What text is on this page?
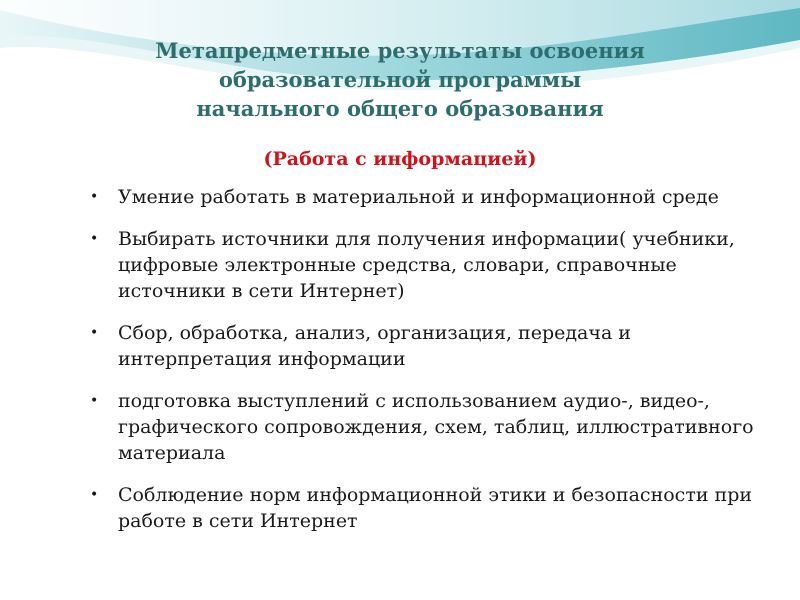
Метапредметные результаты освоения
образовательной программы
начального общего образования
(Работа с информацией)
• Умение работать в материальной и информационной среде
• Выбирать источники для получения информации( учебники, цифровые электронные средства, словари, справочные источники в сети Интернет)
• Сбор, обработка, анализ, организация, передача и интерпретация информации
• подготовка выступлений с использованием аудио-, видео-, графического сопровождения, схем, таблиц, иллюстративного материала
• Соблюдение норм информационной этики и безопасности при работе в сети Интернет
